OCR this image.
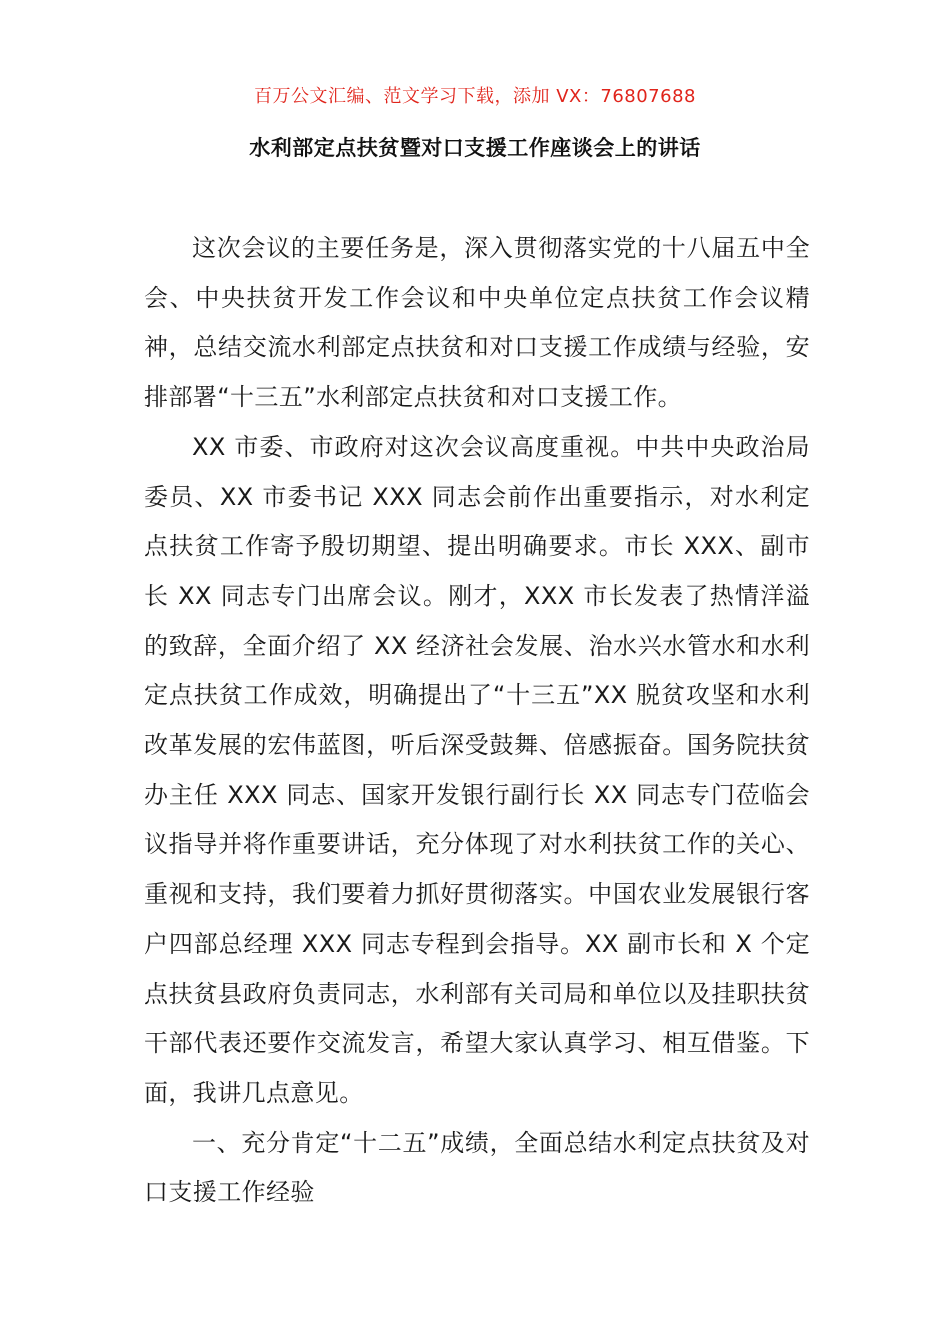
百万公文汇编、范文学习下载，添加 VX：76807688
水利部定点扶贫暨对口支援工作座谈会上的讲话

这次会议的主要任务是，深入贯彻落实党的十八届五中全会、中央扶贫开发工作会议和中央单位定点扶贫工作会议精神，总结交流水利部定点扶贫和对口支援工作成绩与经验，安排部署“十三五”水利部定点扶贫和对口支援工作。

XX 市委、市政府对这次会议高度重视。中共中央政治局委员、XX 市委书记 XXX 同志会前作出重要指示，对水利定点扶贫工作寄予殷切期望、提出明确要求。市长 XXX、副市长 XX 同志专门出席会议。刚才，XXX 市长发表了热情洋溢的致辞，全面介绍了 XX 经济社会发展、治水兴水管水和水利定点扶贫工作成效，明确提出了“十三五”XX 脱贫攻坚和水利改革发展的宏伟蓝图，听后深受鼓舞、倍感振奋。国务院扶贫办主任 XXX 同志、国家开发银行副行长 XX 同志专门莅临会议指导并将作重要讲话，充分体现了对水利扶贫工作的关心、重视和支持，我们要着力抓好贯彻落实。中国农业发展银行客户四部总经理 XXX 同志专程到会指导。XX 副市长和 X 个定点扶贫县政府负责同志，水利部有关司局和单位以及挂职扶贫干部代表还要作交流发言，希望大家认真学习、相互借鉴。下面，我讲几点意见。

一、充分肯定“十二五”成绩，全面总结水利定点扶贫及对口支援工作经验
